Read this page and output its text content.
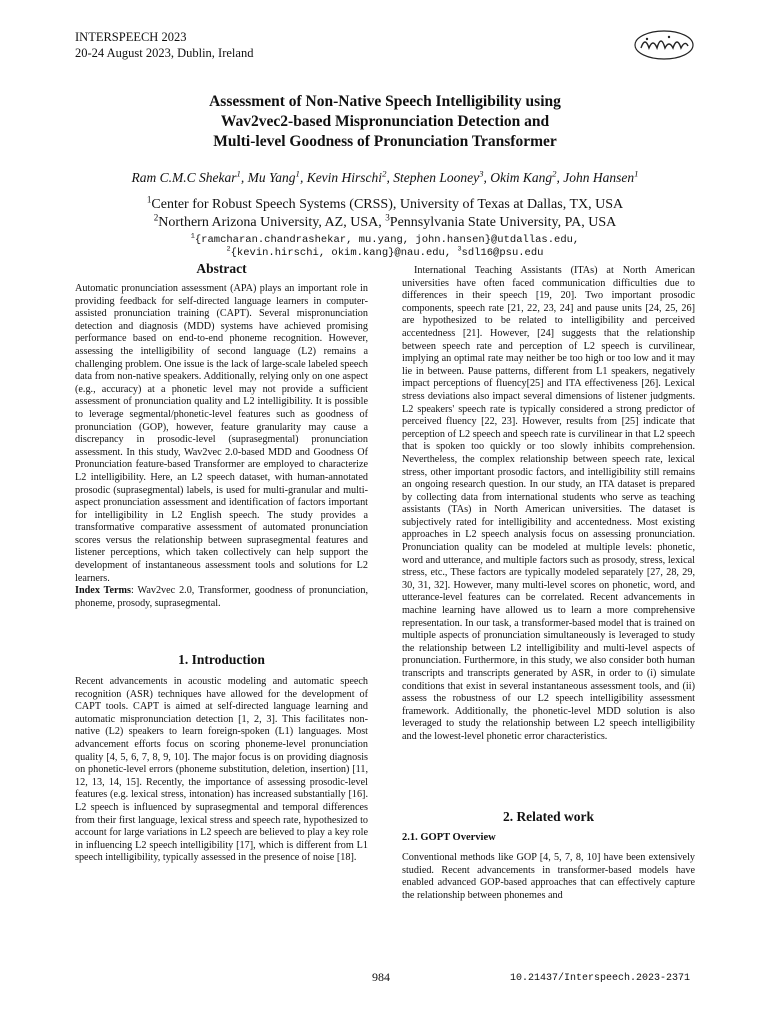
INTERSPEECH 2023
20-24 August 2023, Dublin, Ireland
Assessment of Non-Native Speech Intelligibility using
Wav2vec2-based Mispronunciation Detection and
Multi-level Goodness of Pronunciation Transformer
Ram C.M.C Shekar$^1$, Mu Yang$^1$, Kevin Hirschi$^2$, Stephen Looney$^3$, Okim Kang$^2$, John Hansen$^1$
$^1$Center for Robust Speech Systems (CRSS), University of Texas at Dallas, TX, USA
$^2$Northern Arizona University, AZ, USA, $^3$Pennsylvania State University, PA, USA
$^1${ramcharan.chandrashekar, mu.yang, john.hansen}@utdallas.edu,
$^2${kevin.hirschi, okim.kang}@nau.edu, $^3$sdl16@psu.edu
Abstract

Automatic pronunciation assessment (APA) plays an important role in providing feedback for self-directed language learners in computer-assisted pronunciation training (CAPT). Several mispronunciation detection and diagnosis (MDD) systems have achieved promising performance based on end-to-end phoneme recognition. However, assessing the intelligibility of second language (L2) remains a challenging problem. One issue is the lack of large-scale labeled speech data from non-native speakers. Additionally, relying only on one aspect (e.g., accuracy) at a phonetic level may not provide a sufficient assessment of pronunciation quality and L2 intelligibility. It is possible to leverage segmental/phonetic-level features such as goodness of pronunciation (GOP), however, feature granularity may cause a discrepancy in prosodic-level (suprasegmental) pronunciation assessment. In this study, Wav2vec 2.0-based MDD and Goodness Of Pronunciation feature-based Transformer are employed to characterize L2 intelligibility. Here, an L2 speech dataset, with human-annotated prosodic (suprasegmental) labels, is used for multi-granular and multi-aspect pronunciation assessment and identification of factors important for intelligibility in L2 English speech. The study provides a transformative comparative assessment of automated pronunciation scores versus the relationship between suprasegmental features and listener perceptions, which taken collectively can help support the development of instantaneous assessment tools and solutions for L2 learners.

Index Terms: Wav2vec 2.0, Transformer, goodness of pronunciation, phoneme, prosody, suprasegmental.

1. Introduction

Recent advancements in acoustic modeling and automatic speech recognition (ASR) techniques have allowed for the development of CAPT tools. CAPT is aimed at self-directed language learning and automatic mispronunciation detection [1, 2, 3]. This facilitates non-native (L2) speakers to learn foreign-spoken (L1) languages. Most advancement efforts focus on scoring phoneme-level pronunciation quality [4, 5, 6, 7, 8, 9, 10]. The major focus is on providing diagnosis on phonetic-level errors (phoneme substitution, deletion, insertion) [11, 12, 13, 14, 15]. Recently, the importance of assessing prosodic-level features (e.g. lexical stress, intonation) has increased substantially [16]. L2 speech is influenced by suprasegmental and temporal differences from their first language, lexical stress and speech rate, hypothesized to account for large variations in L2 speech are believed to play a key role in influencing L2 speech intelligibility [17], which is different from L1 speech intelligibility, typically assessed in the presence of noise [18].

International Teaching Assistants (ITAs) at North American universities have often faced communication difficulties due to differences in their speech [19, 20]. Two important prosodic components, speech rate [21, 22, 23, 24] and pause units [24, 25, 26] are hypothesized to be related to intelligibility and perceived accentedness [21]. However, [24] suggests that the relationship between speech rate and perception of L2 speech is curvilinear, implying an optimal rate may neither be too high or too low and it may lie in between. Pause patterns, different from L1 speakers, negatively impact perceptions of fluency[25] and ITA effectiveness [26]. Lexical stress deviations also impact several dimensions of listener judgments. L2 speakers' speech rate is typically considered a strong predictor of perceived fluency [22, 23]. However, results from [25] indicate that perception of L2 speech and speech rate is curvilinear in that L2 speech that is spoken too quickly or too slowly inhibits comprehension. Nevertheless, the complex relationship between speech rate, lexical stress, other important prosodic factors, and intelligibility still remains an ongoing research question. In our study, an ITA dataset is prepared by collecting data from international students who serve as teaching assistants (TAs) in North American universities. The dataset is subjectively rated for intelligibility and accentedness. Most existing approaches in L2 speech analysis focus on assessing pronunciation. Pronunciation quality can be modeled at multiple levels: phonetic, word and utterance, and multiple factors such as prosody, stress, lexical stress, etc., These factors are typically modeled separately [27, 28, 29, 30, 31, 32]. However, many multi-level scores on phonetic, word, and utterance-level features can be correlated. Recent advancements in machine learning have allowed us to learn a more comprehensive representation. In our task, a transformer-based model that is trained on multiple aspects of pronunciation simultaneously is leveraged to study the relationship between L2 intelligibility and multi-level aspects of pronunciation. Furthermore, in this study, we also consider both human transcripts and transcripts generated by ASR, in order to (i) simulate conditions that exist in several instantaneous assessment tools, and (ii) assess the robustness of our L2 speech intelligibility assessment framework. Additionally, the phonetic-level MDD solution is also leveraged to study the relationship between L2 speech intelligibility and the lowest-level phonetic error characteristics.

2. Related work
2.1. GOPT Overview

Conventional methods like GOP [4, 5, 7, 8, 10] have been extensively studied. Recent advancements in transformer-based models have enabled advanced GOP-based approaches that can effectively capture the relationship between phonemes and

984	10.21437/Interspeech.2023-2371
